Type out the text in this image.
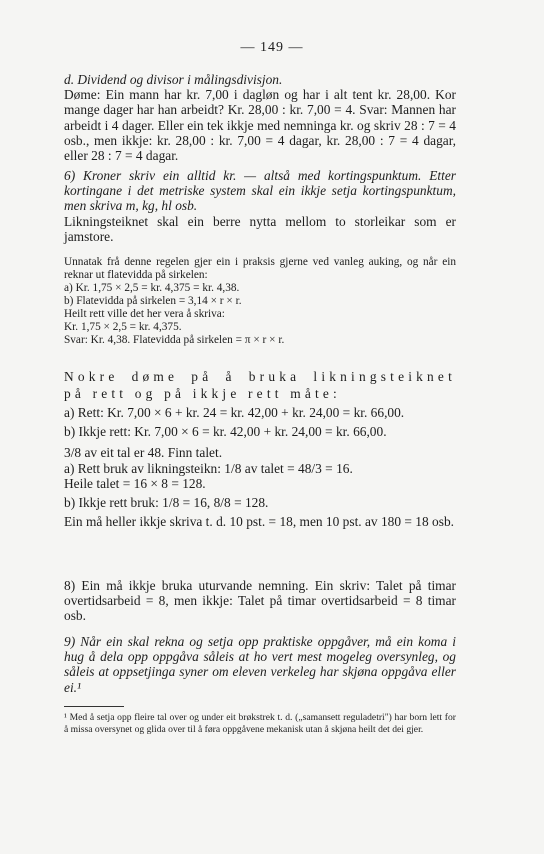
— 149 —

d. Dividend og divisor i målingsdivisjon.

Døme: Ein mann har kr. 7,00 i dagløn og har i alt tent kr. 28,00. Kor mange dager har han arbeidt? Kr. 28,00 : kr. 7,00 = 4. Svar: Mannen har arbeidt i 4 dager. Eller ein tek ikkje med nemninga kr. og skriv 28 : 7 = 4 osb., men ikkje: kr. 28,00 : kr. 7,00 = 4 dagar, kr. 28,00 : 7 = 4 dagar, eller 28 : 7 = 4 dagar.

6) Kroner skriv ein alltid kr. — altså med kortingspunktum. Etter kortingane i det metriske system skal ein ikkje setja kortingspunktum, men skriva m, kg, hl osb.

Likningsteiknet skal ein berre nytta mellom to storleikar som er jamstore.

Unnatak frå denne regelen gjer ein i praksis gjerne ved vanleg auking, og når ein reknar ut flatevidda på sirkelen:

a) Kr. 1,75 × 2,5 = kr. 4,375 = kr. 4,38.

b) Flatevidda på sirkelen = 3,14 × r × r.

Heilt rett ville det her vera å skriva:

Kr. 1,75 × 2,5 = kr. 4,375.

Svar: Kr. 4,38. Flatevidda på sirkelen = π × r × r.

Nokre døme på å bruka likningsteiknet på rett og på ikkje rett måte:

a) Rett: Kr. 7,00 × 6 + kr. 24 = kr. 42,00 + kr. 24,00 = kr. 66,00.

b) Ikkje rett: Kr. 7,00 × 6 = kr. 42,00 + kr. 24,00 = kr. 66,00.

3/8 av eit tal er 48. Finn talet.

a) Rett bruk av likningsteikn: 1/8 av talet = 48/3 = 16.

Heile talet = 16 × 8 = 128.

b) Ikkje rett bruk: 1/8 = 16, 8/8 = 128.

Ein må heller ikkje skriva t. d. 10 pst. = 18, men 10 pst. av 180 = 18 osb.

8) Ein må ikkje bruka uturvande nemning. Ein skriv: Talet på timar overtidsarbeid = 8, men ikkje: Talet på timar overtidsarbeid = 8 timar osb.

9) Når ein skal rekna og setja opp praktiske oppgåver, må ein koma i hug å dela opp oppgåva såleis at ho vert mest mogeleg oversynleg, og såleis at oppsetjinga syner om eleven verkeleg har skjøna oppgåva eller ei.¹

¹ Med å setja opp fleire tal over og under eit brøkstrek t. d. („samansett reguladetri") har born lett for å missa oversynet og glida over til å føra oppgåvene mekanisk utan å skjøna heilt det dei gjer.
